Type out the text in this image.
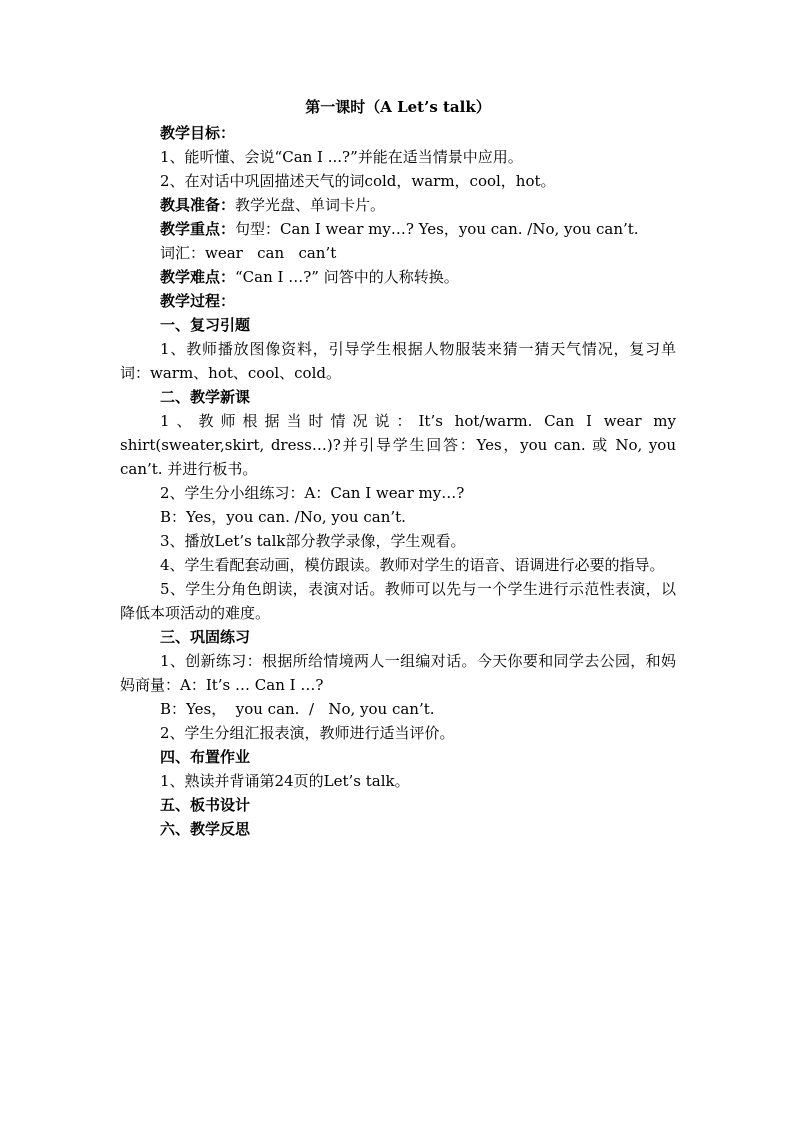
第一课时（A Let’s talk）
教学目标：
1、能听懂、会说“Can I ...?”并能在适当情景中应用。
2、在对话中巩固描述天气的词cold，warm，cool，hot。
教具准备：教学光盘、单词卡片。
教学重点：句型：Can I wear my…? Yes，you can. /No, you can’t.
词汇：wear   can   can’t
教学难点：“Can I …?” 问答中的人称转换。
教学过程：
一、复习引题
1、教师播放图像资料，引导学生根据人物服装来猜一猜天气情况，复习单词：warm、hot、cool、cold。
二、教学新课
1、教师根据当时情况说：It’s hot/warm. Can I wear my shirt(sweater,skirt, dress…)?并引导学生回答：Yes，you can. 或 No, you can’t. 并进行板书。
2、学生分小组练习：A：Can I wear my…?
B：Yes，you can. /No, you can’t.
3、播放Let’s talk部分教学录像，学生观看。
4、学生看配套动画，模仿跟读。教师对学生的语音、语调进行必要的指导。
5、学生分角色朗读，表演对话。教师可以先与一个学生进行示范性表演，以降低本项活动的难度。
三、巩固练习
1、创新练习：根据所给情境两人一组编对话。今天你要和同学去公园，和妈妈商量：A：It’s … Can I …?
B：Yes，  you can.  /   No, you can’t.
2、学生分组汇报表演，教师进行适当评价。
四、布置作业
1、熟读并背诵第24页的Let’s talk。
五、板书设计
六、教学反思
